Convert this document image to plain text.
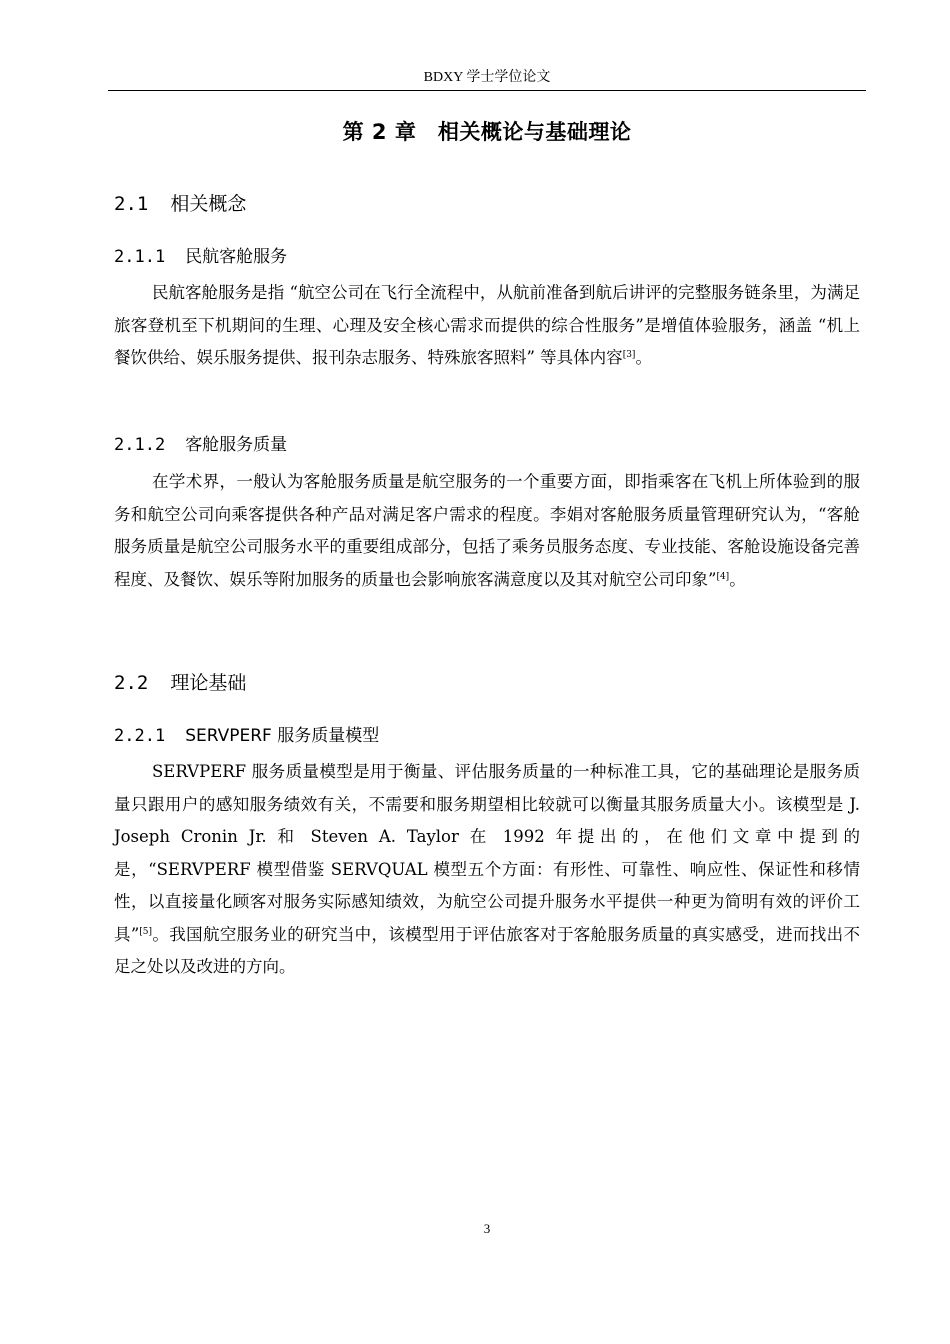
BDXY 学士学位论文
第 2 章　相关概论与基础理论
2.1 相关概念
2.1.1 民航客舱服务
民航客舱服务是指 “航空公司在飞行全流程中，从航前准备到航后讲评的完整服务链条里，为满足旅客登机至下机期间的生理、心理及安全核心需求而提供的综合性服务”是增值体验服务，涵盖 “机上餐饮供给、娱乐服务提供、报刊杂志服务、特殊旅客照料” 等具体内容[3]。
2.1.2 客舱服务质量
在学术界，一般认为客舱服务质量是航空服务的一个重要方面，即指乘客在飞机上所体验到的服务和航空公司向乘客提供各种产品对满足客户需求的程度。李娟对客舱服务质量管理研究认为，“客舱服务质量是航空公司服务水平的重要组成部分，包括了乘务员服务态度、专业技能、客舱设施设备完善程度、及餐饮、娱乐等附加服务的质量也会影响旅客满意度以及其对航空公司印象”[4]。
2.2 理论基础
2.2.1 SERVPERF 服务质量模型
SERVPERF 服务质量模型是用于衡量、评估服务质量的一种标准工具，它的基础理论是服务质量只跟用户的感知服务绩效有关，不需要和服务期望相比较就可以衡量其服务质量大小。该模型是 J. Joseph Cronin Jr. 和 Steven A. Taylor 在 1992 年提出的，在他们文章中提到的是，“SERVPERF 模型借鉴 SERVQUAL 模型五个方面：有形性、可靠性、响应性、保证性和移情性，以直接量化顾客对服务实际感知绩效，为航空公司提升服务水平提供一种更为简明有效的评价工具”[5]。我国航空服务业的研究当中，该模型用于评估旅客对于客舱服务质量的真实感受，进而找出不足之处以及改进的方向。
3
